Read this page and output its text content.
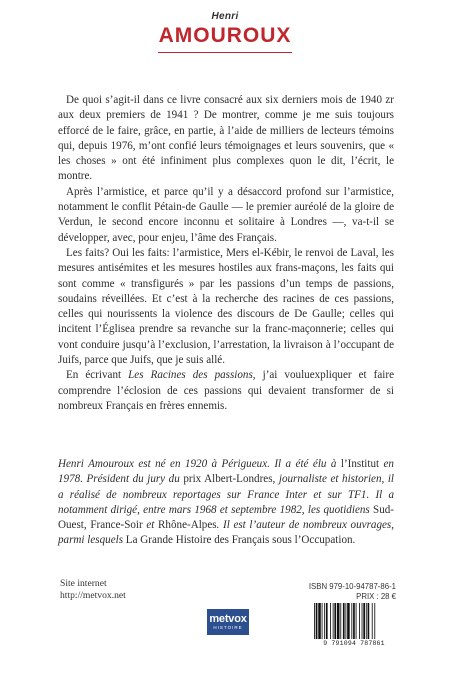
Henri
AMOUROUX

De quoi s’agit-il dans ce livre consacré aux six derniers mois de 1940 zr aux deux premiers de 1941 ? De montrer, comme je me suis toujours efforcé de le faire, grâce, en partie, à l’aide de milliers de lecteurs témoins qui, depuis 1976, m’ont confié leurs témoignages et leurs souvenirs, que « les choses » ont été infiniment plus complexes quon le dit, l’écrit, le montre.

Après l’armistice, et parce qu’il y a désaccord profond sur l’armistice, notamment le conflit Pétain-de Gaulle — le premier auréolé de la gloire de Verdun, le second encore inconnu et solitaire à Londres —, va-t-il se développer, avec, pour enjeu, l’âme des Français.

Les faits? Oui les faits: l’armistice, Mers el-Kébir, le renvoi de Laval, les mesures antisémites et les mesures hostiles aux frans-maçons, les faits qui sont comme « transfigurés » par les passions d’un temps de passions, soudains réveillées. Et c’est à la recherche des racines de ces passions, celles qui nourissents la violence des discours de De Gaulle; celles qui incitent l’Églisea prendre sa revanche sur la franc-maçonnerie; celles qui vont conduire jusqu’à l’exclusion, l’arrestation, la livraison à l’occupant de Juifs, parce que Juifs, que je suis allé.

En écrivant Les Racines des passions, j’ai vouluexpliquer et faire comprendre l’éclosion de ces passions qui devaient transformer de si nombreux Français en frères ennemis.

Henri Amouroux est né en 1920 à Périgueux. Il a été élu à l’Institut en 1978. Président du jury du prix Albert-Londres, journaliste et historien, il a réalisé de nombreux reportages sur France Inter et sur TF1. Il a notamment dirigé, entre mars 1968 et septembre 1982, les quotidiens Sud-Ouest, France-Soir et Rhône-Alpes. Il est l’auteur de nombreux ouvrages, parmi lesquels La Grande Histoire des Français sous l’Occupation.

Site internet
http://metvox.net
ISBN 979-10-94787-86-1
PRIX : 28 €
metvox
HISTOIRE
9 791094 787861
